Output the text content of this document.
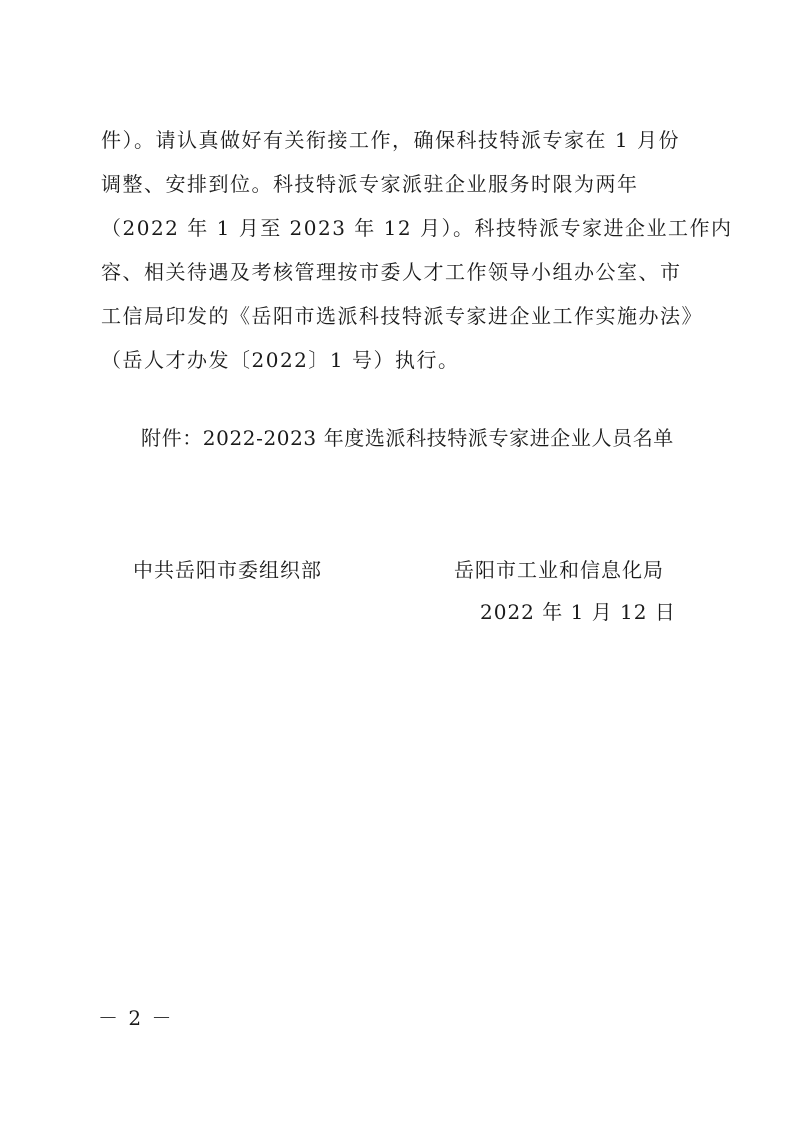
件）。请认真做好有关衔接工作，确保科技特派专家在 1 月份
调整、安排到位。科技特派专家派驻企业服务时限为两年
（2022 年 1 月至 2023 年 12 月）。科技特派专家进企业工作内
容、相关待遇及考核管理按市委人才工作领导小组办公室、市
工信局印发的《岳阳市选派科技特派专家进企业工作实施办法》
（岳人才办发〔2022〕1 号）执行。
附件：2022-2023 年度选派科技特派专家进企业人员名单
中共岳阳市委组织部	岳阳市工业和信息化局
2022 年 1 月 12 日
－ 2 －
